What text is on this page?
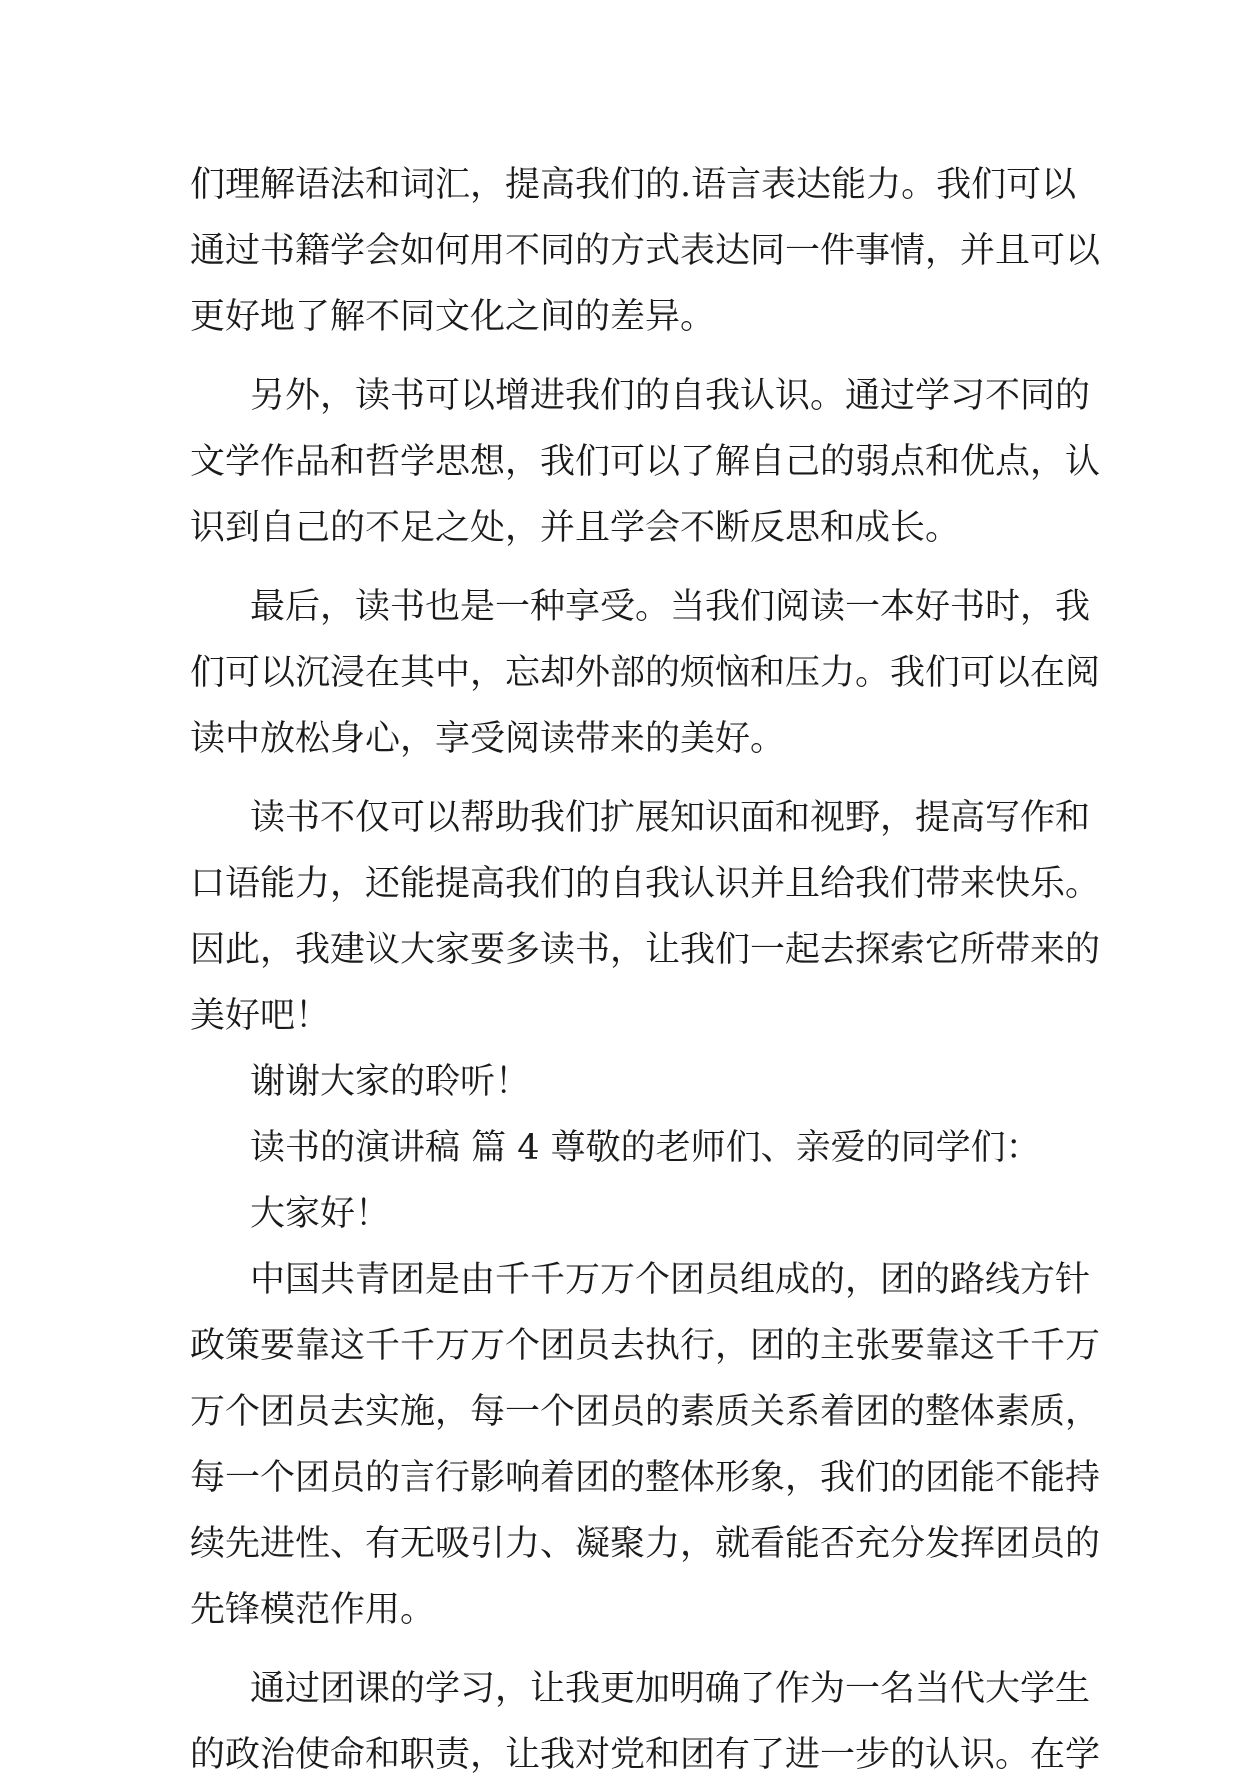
们理解语法和词汇，提高我们的.语言表达能力。我们可以
通过书籍学会如何用不同的方式表达同一件事情，并且可以
更好地了解不同文化之间的差异。
另外，读书可以增进我们的自我认识。通过学习不同的
文学作品和哲学思想，我们可以了解自己的弱点和优点，认
识到自己的不足之处，并且学会不断反思和成长。
最后，读书也是一种享受。当我们阅读一本好书时，我
们可以沉浸在其中，忘却外部的烦恼和压力。我们可以在阅
读中放松身心，享受阅读带来的美好。
读书不仅可以帮助我们扩展知识面和视野，提高写作和
口语能力，还能提高我们的自我认识并且给我们带来快乐。
因此，我建议大家要多读书，让我们一起去探索它所带来的
美好吧！
谢谢大家的聆听！
读书的演讲稿 篇 4 尊敬的老师们、亲爱的同学们：
大家好！
中国共青团是由千千万万个团员组成的，团的路线方针
政策要靠这千千万万个团员去执行，团的主张要靠这千千万
万个团员去实施，每一个团员的素质关系着团的整体素质，
每一个团员的言行影响着团的整体形象，我们的团能不能持
续先进性、有无吸引力、凝聚力，就看能否充分发挥团员的
先锋模范作用。
通过团课的学习，让我更加明确了作为一名当代大学生
的政治使命和职责，让我对党和团有了进一步的认识。在学
